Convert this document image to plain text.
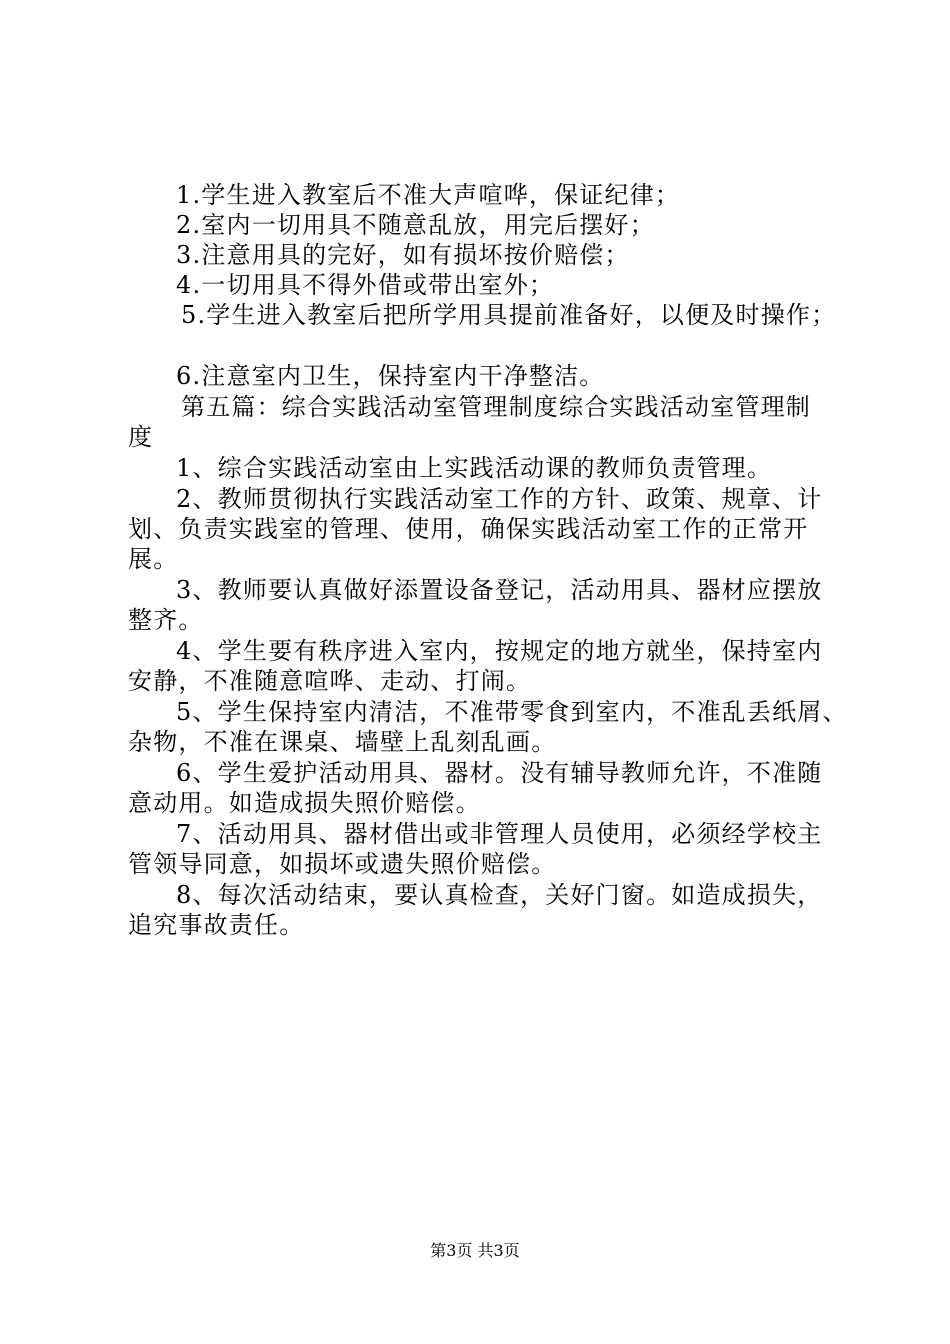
1.学生进入教室后不准大声喧哗，保证纪律；
2.室内一切用具不随意乱放，用完后摆好；
3.注意用具的完好，如有损坏按价赔偿；
4.一切用具不得外借或带出室外；
5.学生进入教室后把所学用具提前准备好，以便及时操作；
6.注意室内卫生，保持室内干净整洁。
第五篇：综合实践活动室管理制度综合实践活动室管理制
度
1、综合实践活动室由上实践活动课的教师负责管理。
2、教师贯彻执行实践活动室工作的方针、政策、规章、计
划、负责实践室的管理、使用，确保实践活动室工作的正常开
展。
3、教师要认真做好添置设备登记，活动用具、器材应摆放
整齐。
4、学生要有秩序进入室内，按规定的地方就坐，保持室内
安静，不准随意喧哗、走动、打闹。
5、学生保持室内清洁，不准带零食到室内，不准乱丢纸屑、
杂物，不准在课桌、墙壁上乱刻乱画。
6、学生爱护活动用具、器材。没有辅导教师允许，不准随
意动用。如造成损失照价赔偿。
7、活动用具、器材借出或非管理人员使用，必须经学校主
管领导同意，如损坏或遗失照价赔偿。
8、每次活动结束，要认真检查，关好门窗。如造成损失，
追究事故责任。
第3页 共3页
